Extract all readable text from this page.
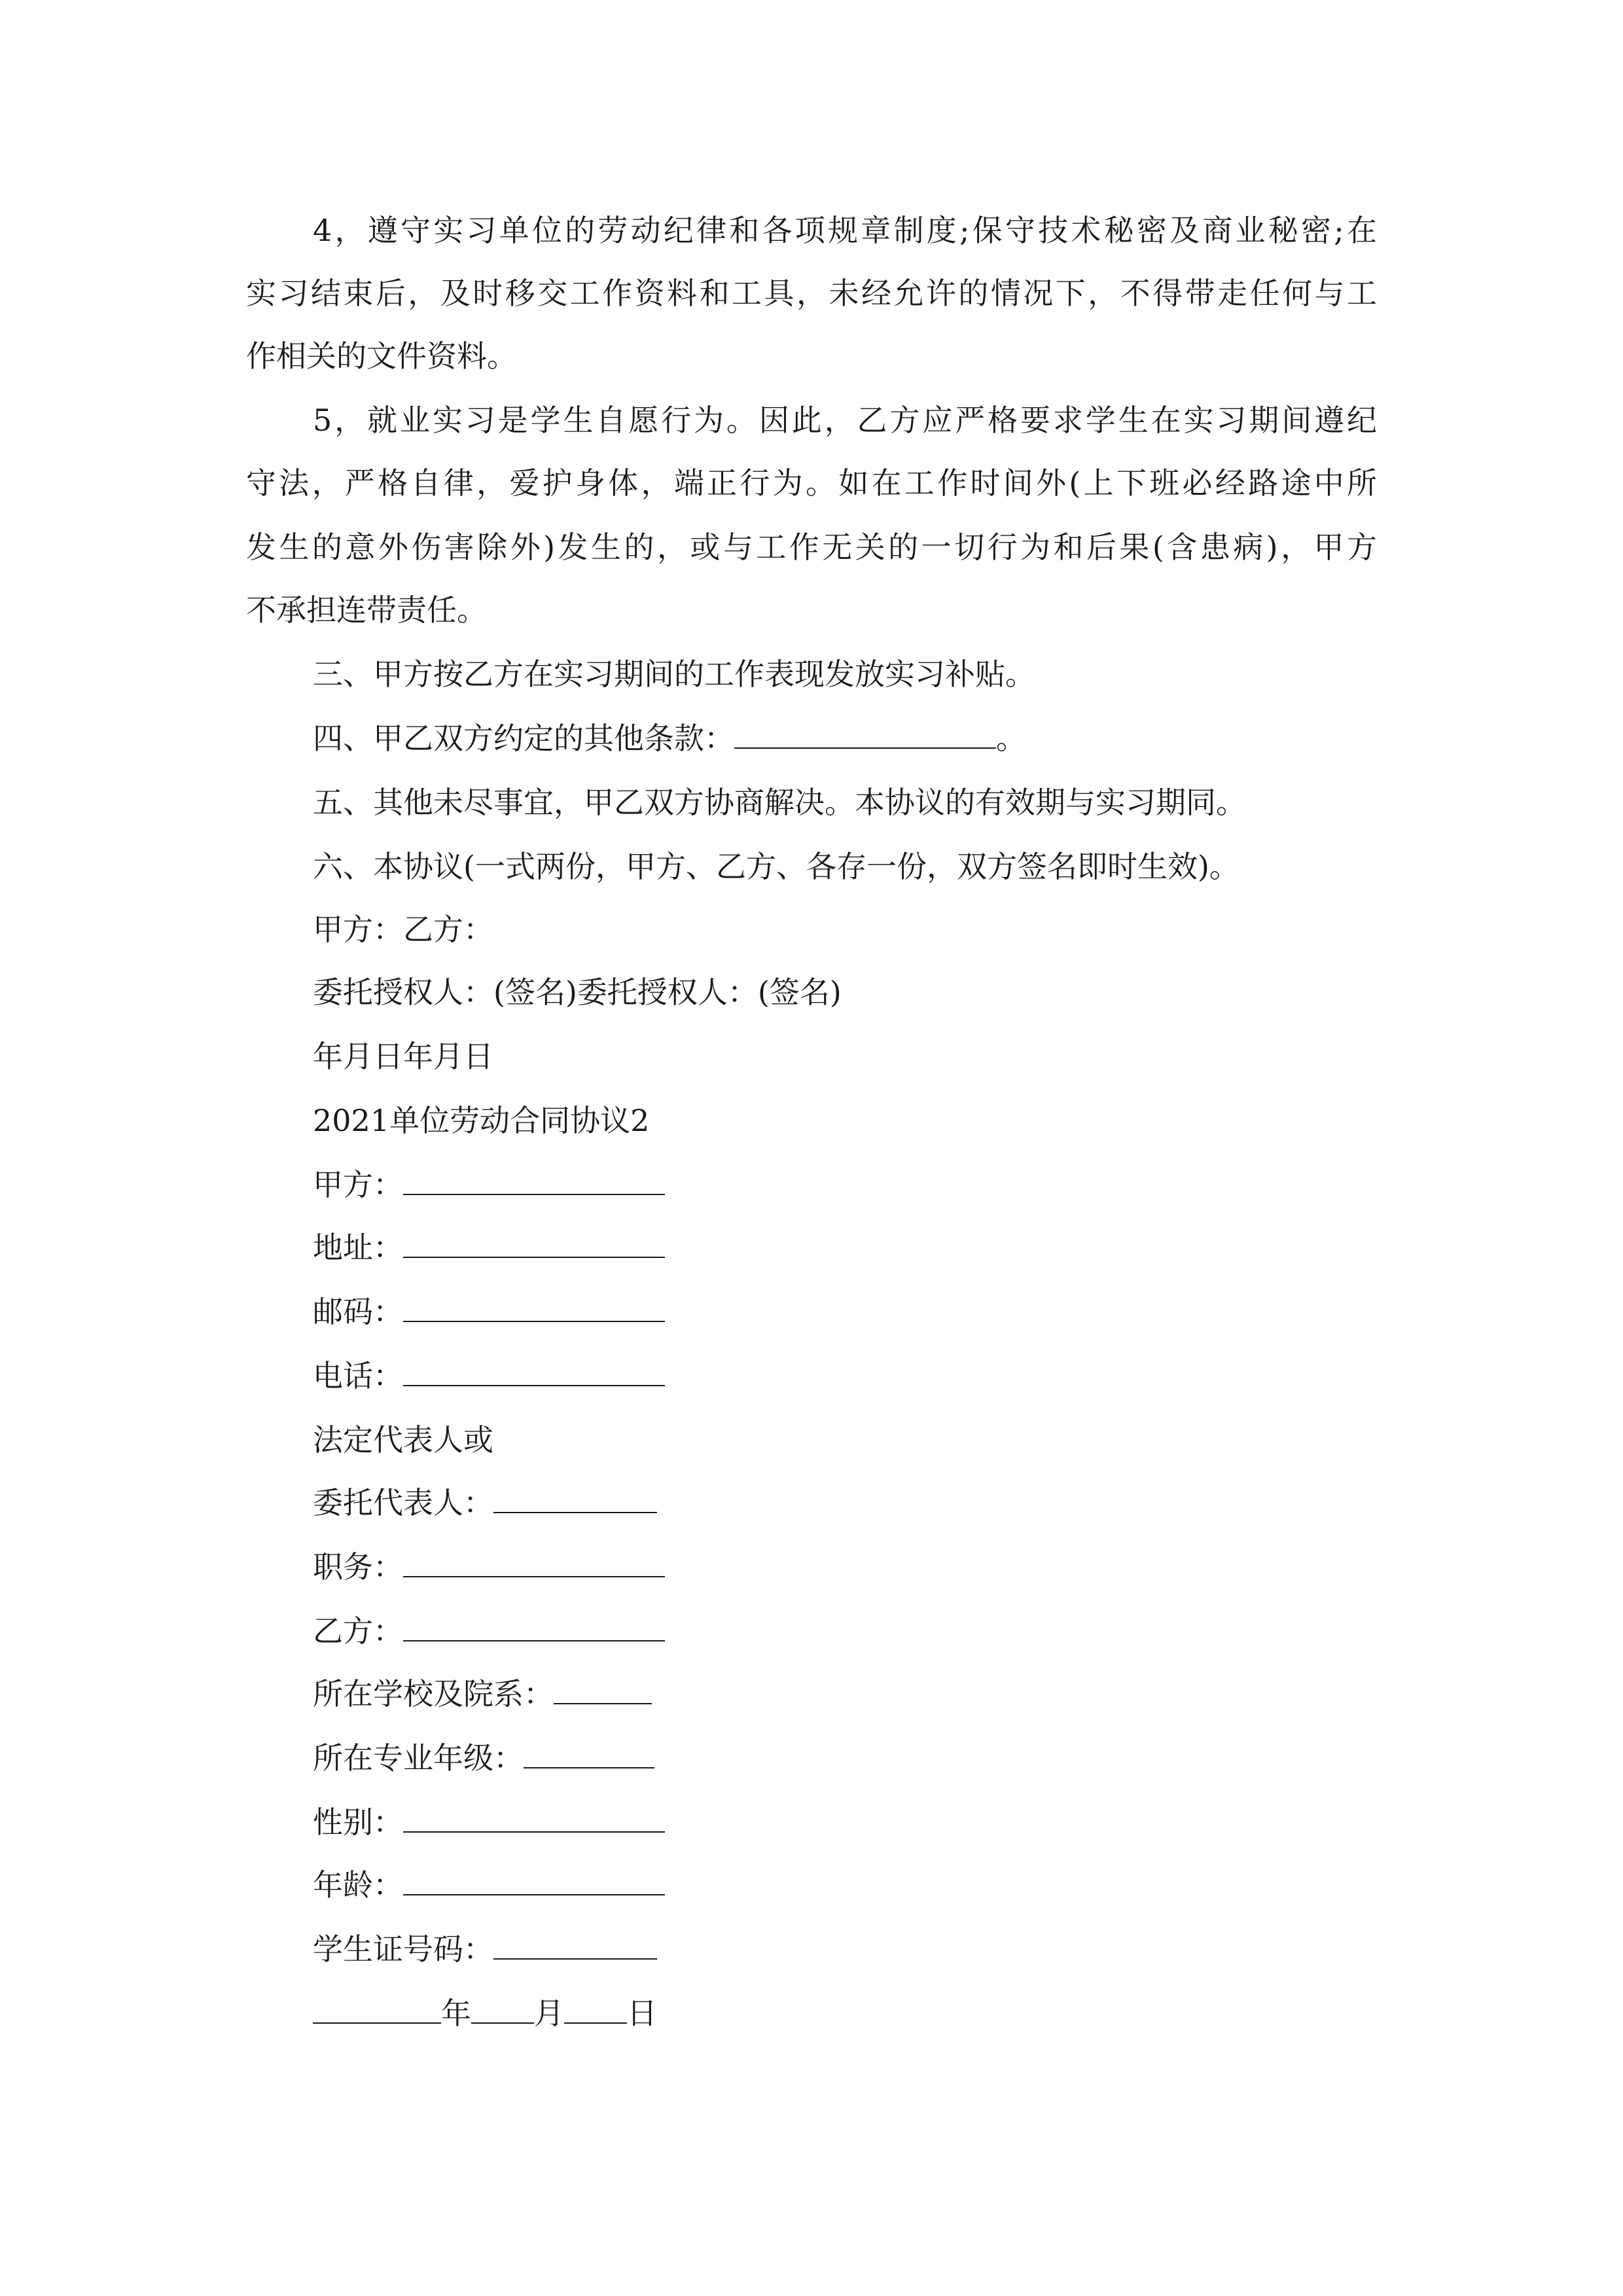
4，遵守实习单位的劳动纪律和各项规章制度;保守技术秘密及商业秘密;在
实习结束后，及时移交工作资料和工具，未经允许的情况下，不得带走任何与工
作相关的文件资料。
5，就业实习是学生自愿行为。因此，乙方应严格要求学生在实习期间遵纪
守法，严格自律，爱护身体，端正行为。如在工作时间外(上下班必经路途中所
发生的意外伤害除外)发生的，或与工作无关的一切行为和后果(含患病)，甲方
不承担连带责任。
三、甲方按乙方在实习期间的工作表现发放实习补贴。
四、甲乙双方约定的其他条款：	。
五、其他未尽事宜，甲乙双方协商解决。本协议的有效期与实习期同。
六、本协议(一式两份，甲方、乙方、各存一份，双方签名即时生效)。
甲方：乙方：
委托授权人：(签名)委托授权人：(签名)
年月日年月日
2021单位劳动合同协议2
甲方：
地址：
邮码：
电话：
法定代表人或
委托代表人：
职务：
乙方：
所在学校及院系：
所在专业年级：
性别：
年龄：
学生证号码：
年 月 日
